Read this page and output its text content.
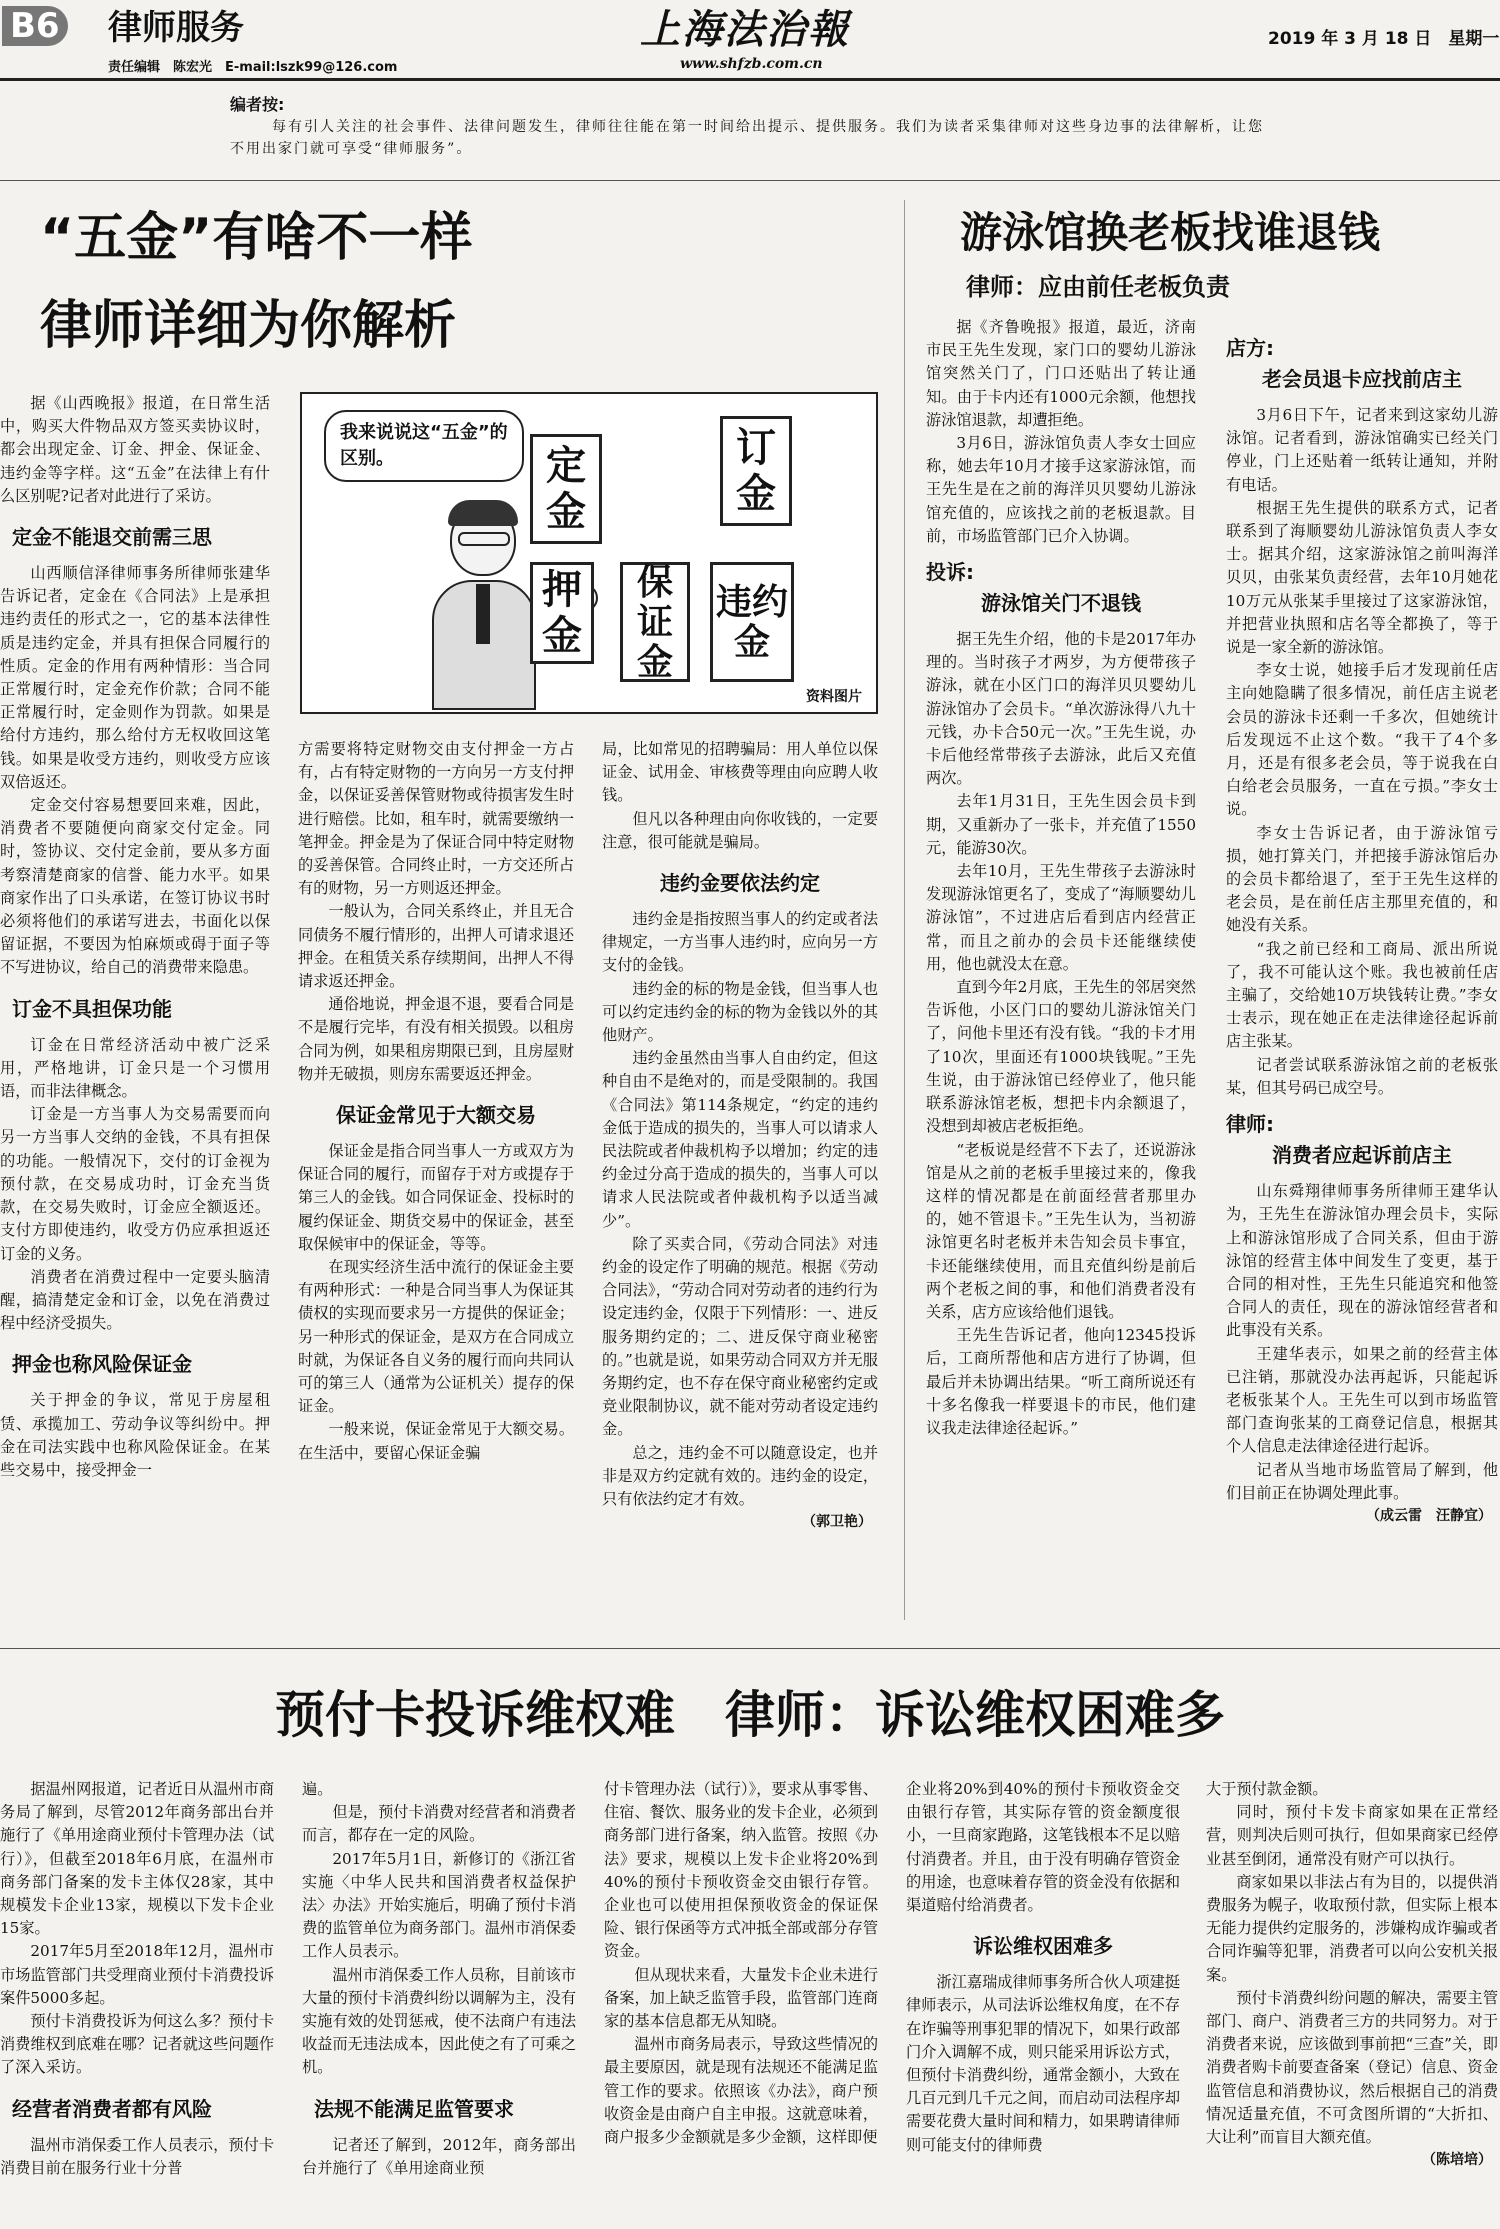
B6 律师服务
责任编辑　陈宏光　E-mail:lszk99@126.com
上海法治報
www.shfzb.com.cn
2019 年 3 月 18 日　星期一
编者按:
每有引人关注的社会事件、法律问题发生，律师往往能在第一时间给出提示、提供服务。我们为读者采集律师对这些身边事的法律解析，让您不用出家门就可享受“律师服务”。
“五金”有啥不一样
律师详细为你解析
我来说说这“五金”的区别。	定金
订金
押金
保证金
违约金
资料图片

据《山西晚报》报道，在日常生活中，购买大件物品双方签买卖协议时，都会出现定金、订金、押金、保证金、违约金等字样。这“五金”在法律上有什么区别呢?记者对此进行了采访。

定金不能退交前需三思

山西顺信泽律师事务所律师张建华告诉记者，定金在《合同法》上是承担违约责任的形式之一，它的基本法律性质是违约定金，并具有担保合同履行的性质。定金的作用有两种情形：当合同正常履行时，定金充作价款；合同不能正常履行时，定金则作为罚款。如果是给付方违约，那么给付方无权收回这笔钱。如果是收受方违约，则收受方应该双倍返还。

定金交付容易想要回来难，因此，消费者不要随便向商家交付定金。同时，签协议、交付定金前，要从多方面考察清楚商家的信誉、能力水平。如果商家作出了口头承诺，在签订协议书时必须将他们的承诺写进去，书面化以保留证据，不要因为怕麻烦或碍于面子等不写进协议，给自己的消费带来隐患。

订金不具担保功能

订金在日常经济活动中被广泛采用，严格地讲，订金只是一个习惯用语，而非法律概念。

订金是一方当事人为交易需要而向另一方当事人交纳的金钱，不具有担保的功能。一般情况下，交付的订金视为预付款，在交易成功时，订金充当货款，在交易失败时，订金应全额返还。支付方即使违约，收受方仍应承担返还订金的义务。

消费者在消费过程中一定要头脑清醒，搞清楚定金和订金，以免在消费过程中经济受损失。

押金也称风险保证金

关于押金的争议，常见于房屋租赁、承揽加工、劳动争议等纠纷中。押金在司法实践中也称风险保证金。在某些交易中，接受押金一

方需要将特定财物交由支付押金一方占有，占有特定财物的一方向另一方支付押金，以保证妥善保管财物或待损害发生时进行赔偿。比如，租车时，就需要缴纳一笔押金。押金是为了保证合同中特定财物的妥善保管。合同终止时，一方交还所占有的财物，另一方则返还押金。

一般认为，合同关系终止，并且无合同债务不履行情形的，出押人可请求退还押金。在租赁关系存续期间，出押人不得请求返还押金。

通俗地说，押金退不退，要看合同是不是履行完毕，有没有相关损毁。以租房合同为例，如果租房期限已到，且房屋财物并无破损，则房东需要返还押金。

保证金常见于大额交易

保证金是指合同当事人一方或双方为保证合同的履行，而留存于对方或提存于第三人的金钱。如合同保证金、投标时的履约保证金、期货交易中的保证金，甚至取保候审中的保证金，等等。

在现实经济生活中流行的保证金主要有两种形式：一种是合同当事人为保证其债权的实现而要求另一方提供的保证金；另一种形式的保证金，是双方在合同成立时就，为保证各自义务的履行而向共同认可的第三人（通常为公证机关）提存的保证金。

一般来说，保证金常见于大额交易。在生活中，要留心保证金骗

局，比如常见的招聘骗局：用人单位以保证金、试用金、审核费等理由向应聘人收钱。

但凡以各种理由向你收钱的，一定要注意，很可能就是骗局。

违约金要依法约定

违约金是指按照当事人的约定或者法律规定，一方当事人违约时，应向另一方支付的金钱。

违约金的标的物是金钱，但当事人也可以约定违约金的标的物为金钱以外的其他财产。

违约金虽然由当事人自由约定，但这种自由不是绝对的，而是受限制的。我国《合同法》第114条规定，“约定的违约金低于造成的损失的，当事人可以请求人民法院或者仲裁机构予以增加；约定的违约金过分高于造成的损失的，当事人可以请求人民法院或者仲裁机构予以适当减少”。

除了买卖合同，《劳动合同法》对违约金的设定作了明确的规范。根据《劳动合同法》，“劳动合同对劳动者的违约行为设定违约金，仅限于下列情形：一、进反服务期约定的；二、进反保守商业秘密的。”也就是说，如果劳动合同双方并无服务期约定，也不存在保守商业秘密约定或竞业限制协议，就不能对劳动者设定违约金。

总之，违约金不可以随意设定，也并非是双方约定就有效的。违约金的设定，只有依法约定才有效。

（郭卫艳）

游泳馆换老板找谁退钱
律师：应由前任老板负责

据《齐鲁晚报》报道，最近，济南市民王先生发现，家门口的婴幼儿游泳馆突然关门了，门口还贴出了转让通知。由于卡内还有1000元余额，他想找游泳馆退款，却遭拒绝。

3月6日，游泳馆负责人李女士回应称，她去年10月才接手这家游泳馆，而王先生是在之前的海洋贝贝婴幼儿游泳馆充值的，应该找之前的老板退款。目前，市场监管部门已介入协调。

投诉:
游泳馆关门不退钱

据王先生介绍，他的卡是2017年办理的。当时孩子才两岁，为方便带孩子游泳，就在小区门口的海洋贝贝婴幼儿游泳馆办了会员卡。“单次游泳得八九十元钱，办卡合50元一次。”王先生说，办卡后他经常带孩子去游泳，此后又充值两次。

去年1月31日，王先生因会员卡到期，又重新办了一张卡，并充值了1550元，能游30次。

去年10月，王先生带孩子去游泳时发现游泳馆更名了，变成了“海顺婴幼儿游泳馆”，不过进店后看到店内经营正常，而且之前办的会员卡还能继续使用，他也就没太在意。

直到今年2月底，王先生的邻居突然告诉他，小区门口的婴幼儿游泳馆关门了，问他卡里还有没有钱。“我的卡才用了10次，里面还有1000块钱呢。”王先生说，由于游泳馆已经停业了，他只能联系游泳馆老板，想把卡内余额退了，没想到却被店老板拒绝。

“老板说是经营不下去了，还说游泳馆是从之前的老板手里接过来的，像我这样的情况都是在前面经营者那里办的，她不管退卡。”王先生认为，当初游泳馆更名时老板并未告知会员卡事宜，卡还能继续使用，而且充值纠纷是前后两个老板之间的事，和他们消费者没有关系，店方应该给他们退钱。

王先生告诉记者，他向12345投诉后，工商所帮他和店方进行了协调，但最后并未协调出结果。“听工商所说还有十多名像我一样要退卡的市民，他们建议我走法律途径起诉。”

店方:
老会员退卡应找前店主

3月6日下午，记者来到这家幼儿游泳馆。记者看到，游泳馆确实已经关门停业，门上还贴着一纸转让通知，并附有电话。

根据王先生提供的联系方式，记者联系到了海顺婴幼儿游泳馆负责人李女士。据其介绍，这家游泳馆之前叫海洋贝贝，由张某负责经营，去年10月她花10万元从张某手里接过了这家游泳馆，并把营业执照和店名等全都换了，等于说是一家全新的游泳馆。

李女士说，她接手后才发现前任店主向她隐瞒了很多情况，前任店主说老会员的游泳卡还剩一千多次，但她统计后发现远不止这个数。“我干了4个多月，还是有很多老会员，等于说我在白白给老会员服务，一直在亏损。”李女士说。

李女士告诉记者，由于游泳馆亏损，她打算关门，并把接手游泳馆后办的会员卡都给退了，至于王先生这样的老会员，是在前任店主那里充值的，和她没有关系。

“我之前已经和工商局、派出所说了，我不可能认这个账。我也被前任店主骗了，交给她10万块钱转让费。”李女士表示，现在她正在走法律途径起诉前店主张某。

记者尝试联系游泳馆之前的老板张某，但其号码已成空号。

律师:
消费者应起诉前店主

山东舜翔律师事务所律师王建华认为，王先生在游泳馆办理会员卡，实际上和游泳馆形成了合同关系，但由于游泳馆的经营主体中间发生了变更，基于合同的相对性，王先生只能追究和他签合同人的责任，现在的游泳馆经营者和此事没有关系。

王建华表示，如果之前的经营主体已注销，那就没办法再起诉，只能起诉老板张某个人。王先生可以到市场监管部门查询张某的工商登记信息，根据其个人信息走法律途径进行起诉。

记者从当地市场监管局了解到，他们目前正在协调处理此事。

（成云雷　汪静宜）

预付卡投诉维权难　律师：诉讼维权困难多

据温州网报道，记者近日从温州市商务局了解到，尽管2012年商务部出台并施行了《单用途商业预付卡管理办法（试行）》，但截至2018年6月底，在温州市商务部门备案的发卡主体仅28家，其中规模发卡企业13家，规模以下发卡企业15家。

2017年5月至2018年12月，温州市市场监管部门共受理商业预付卡消费投诉案件5000多起。

预付卡消费投诉为何这么多？预付卡消费维权到底难在哪？记者就这些问题作了深入采访。

经营者消费者都有风险

温州市消保委工作人员表示，预付卡消费目前在服务行业十分普

遍。

但是，预付卡消费对经营者和消费者而言，都存在一定的风险。

2017年5月1日，新修订的《浙江省实施〈中华人民共和国消费者权益保护法〉办法》开始实施后，明确了预付卡消费的监管单位为商务部门。温州市消保委工作人员表示。

温州市消保委工作人员称，目前该市大量的预付卡消费纠纷以调解为主，没有实施有效的处罚惩戒，使不法商户有违法收益而无违法成本，因此使之有了可乘之机。

法规不能满足监管要求

记者还了解到，2012年，商务部出台并施行了《单用途商业预

付卡管理办法（试行）》，要求从事零售、住宿、餐饮、服务业的发卡企业，必须到商务部门进行备案，纳入监管。按照《办法》要求，规模以上发卡企业将20%到40%的预付卡预收资金交由银行存管。企业也可以使用担保预收资金的保证保险、银行保函等方式冲抵全部或部分存管资金。

但从现状来看，大量发卡企业未进行备案，加上缺乏监管手段，监管部门连商家的基本信息都无从知晓。

温州市商务局表示，导致这些情况的最主要原因，就是现有法规还不能满足监管工作的要求。依照该《办法》，商户预收资金是由商户自主申报。这就意味着，商户报多少金额就是多少金额，这样即便

企业将20%到40%的预付卡预收资金交由银行存管，其实际存管的资金额度很小，一旦商家跑路，这笔钱根本不足以赔付消费者。并且，由于没有明确存管资金的用途，也意味着存管的资金没有依据和渠道赔付给消费者。

诉讼维权困难多

浙江嘉瑞成律师事务所合伙人项建挺律师表示，从司法诉讼维权角度，在不存在诈骗等刑事犯罪的情况下，如果行政部门介入调解不成，则只能采用诉讼方式，但预付卡消费纠纷，通常金额小，大致在几百元到几千元之间，而启动司法程序却需要花费大量时间和精力，如果聘请律师则可能支付的律师费

大于预付款金额。

同时，预付卡发卡商家如果在正常经营，则判决后则可执行，但如果商家已经停业甚至倒闭，通常没有财产可以执行。

商家如果以非法占有为目的，以提供消费服务为幌子，收取预付款，但实际上根本无能力提供约定服务的，涉嫌构成诈骗或者合同诈骗等犯罪，消费者可以向公安机关报案。

预付卡消费纠纷问题的解决，需要主管部门、商户、消费者三方的共同努力。对于消费者来说，应该做到事前把“三查”关，即消费者购卡前要查备案（登记）信息、资金监管信息和消费协议，然后根据自己的消费情况适量充值，不可贪图所谓的“大折扣、大让利”而盲目大额充值。

（陈培培）
